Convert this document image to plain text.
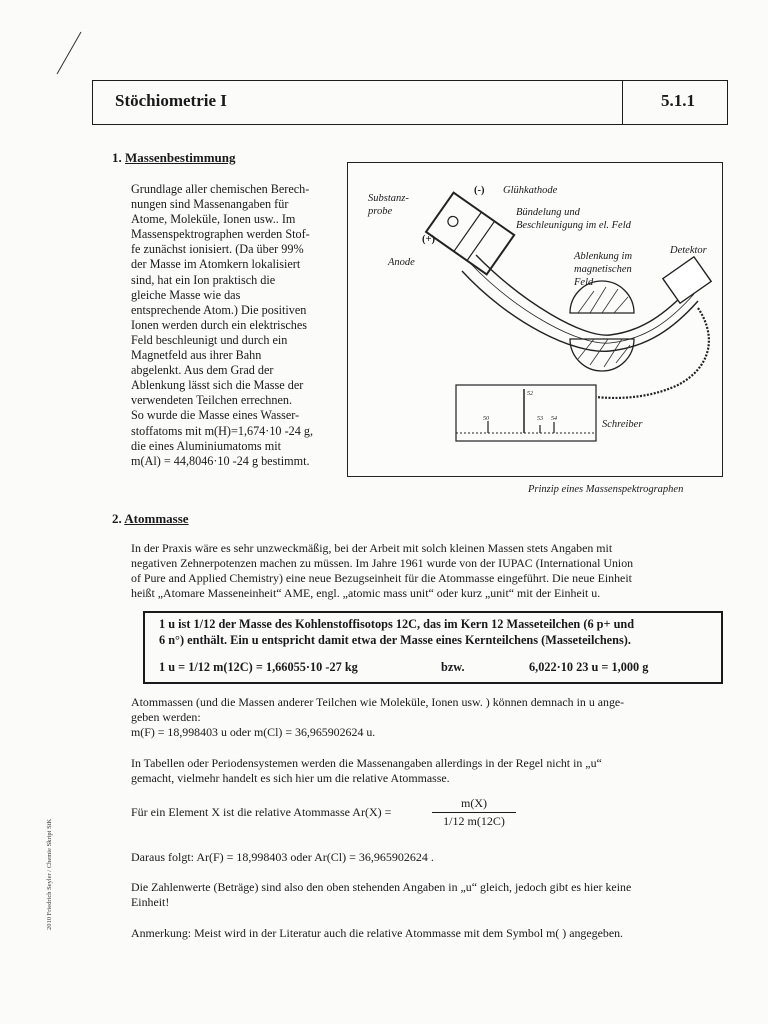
Stöchiometrie I	5.1.1
1. Massenbestimmung
Grundlage aller chemischen Berech-
nungen sind Massenangaben für
Atome, Moleküle, Ionen usw.. Im
Massenspektrographen werden Stof-
fe zunächst ionisiert. (Da über 99%
der Masse im Atomkern lokalisiert
sind, hat ein Ion praktisch die
gleiche Masse wie das
entsprechende Atom.) Die positiven
Ionen werden durch ein elektrisches
Feld beschleunigt und durch ein
Magnetfeld aus ihrer Bahn
abgelenkt. Aus dem Grad der
Ablenkung lässt sich die Masse der
verwendeten Teilchen errechnen.
So wurde die Masse eines Wasser-
stoffatoms mit m(H)=1,674·10 -24 g,
die eines Aluminiumatoms mit
m(Al) = 44,8046·10 -24 g bestimmt.
Substanz-
probe
(-) Glühkathode
Bündelung und
Beschleunigung im el. Feld
(+)
Anode
Ablenkung im
magnetischen
Feld
Detektor
Schreiber
50
52
53 54
Prinzip eines Massenspektrographen
2. Atommasse
In der Praxis wäre es sehr unzweckmäßig, bei der Arbeit mit solch kleinen Massen stets Angaben mit
negativen Zehnerpotenzen machen zu müssen. Im Jahre 1961 wurde von der IUPAC (International Union
of Pure and Applied Chemistry) eine neue Bezugseinheit für die Atommasse eingeführt. Die neue Einheit
heißt „Atomare Masseneinheit“ AME, engl. „atomic mass unit“ oder kurz „unit“ mit der Einheit u.
1 u ist 1/12 der Masse des Kohlenstoffisotops 12C, das im Kern 12 Masseteilchen (6 p+ und
6 n°) enthält. Ein u entspricht damit etwa der Masse eines Kernteilchens (Masseteilchens).
1 u = 1/12 m(12C) = 1,66055·10 -27 kg	bzw.	6,022·10 23 u = 1,000 g
Atommassen (und die Massen anderer Teilchen wie Moleküle, Ionen usw. ) können demnach in u ange-
geben werden:
m(F) = 18,998403 u oder m(Cl) = 36,965902624 u.
In Tabellen oder Periodensystemen werden die Massenangaben allerdings in der Regel nicht in „u“
gemacht, vielmehr handelt es sich hier um die relative Atommasse.
Für ein Element X ist die relative Atommasse Ar(X) =
m(X)
1/12 m(12C)
Daraus folgt: Ar(F) = 18,998403 oder Ar(Cl) = 36,965902624 .
Die Zahlenwerte (Beträge) sind also den oben stehenden Angaben in „u“ gleich, jedoch gibt es hier keine
Einheit!
Anmerkung: Meist wird in der Literatur auch die relative Atommasse mit dem Symbol m( ) angegeben.
2010 Friedrich Seyler / Chemie Skript StK
